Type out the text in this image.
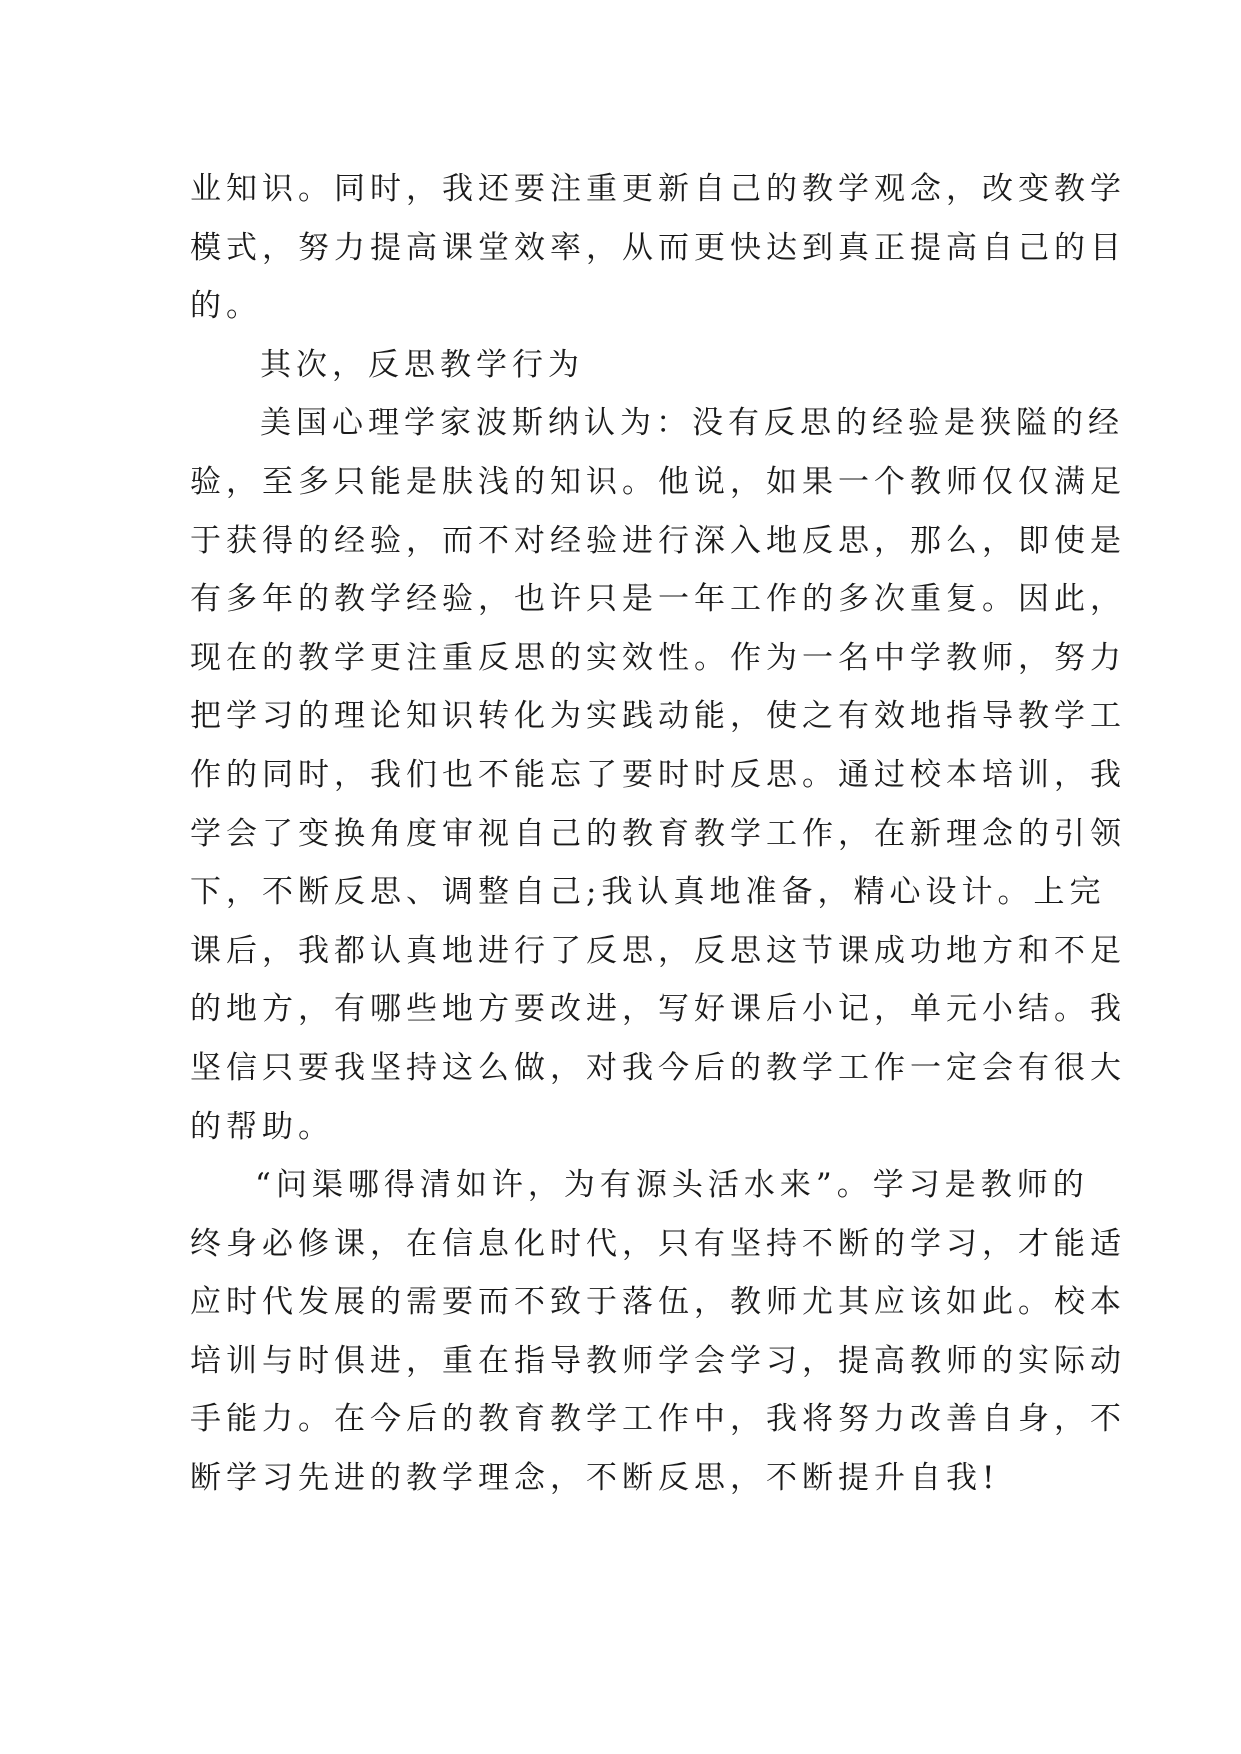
业知识。同时，我还要注重更新自己的教学观念，改变教学
模式，努力提高课堂效率，从而更快达到真正提高自己的目
的。
其次，反思教学行为
美国心理学家波斯纳认为：没有反思的经验是狭隘的经
验，至多只能是肤浅的知识。他说，如果一个教师仅仅满足
于获得的经验，而不对经验进行深入地反思，那么，即使是
有多年的教学经验，也许只是一年工作的多次重复。因此，
现在的教学更注重反思的实效性。作为一名中学教师，努力
把学习的理论知识转化为实践动能，使之有效地指导教学工
作的同时，我们也不能忘了要时时反思。通过校本培训，我
学会了变换角度审视自己的教育教学工作，在新理念的引领
下，不断反思、调整自己;我认真地准备，精心设计。上完
课后，我都认真地进行了反思，反思这节课成功地方和不足
的地方，有哪些地方要改进，写好课后小记，单元小结。我
坚信只要我坚持这么做，对我今后的教学工作一定会有很大
的帮助。
“问渠哪得清如许，为有源头活水来”。学习是教师的
终身必修课，在信息化时代，只有坚持不断的学习，才能适
应时代发展的需要而不致于落伍，教师尤其应该如此。校本
培训与时俱进，重在指导教师学会学习，提高教师的实际动
手能力。在今后的教育教学工作中，我将努力改善自身，不
断学习先进的教学理念，不断反思，不断提升自我!
